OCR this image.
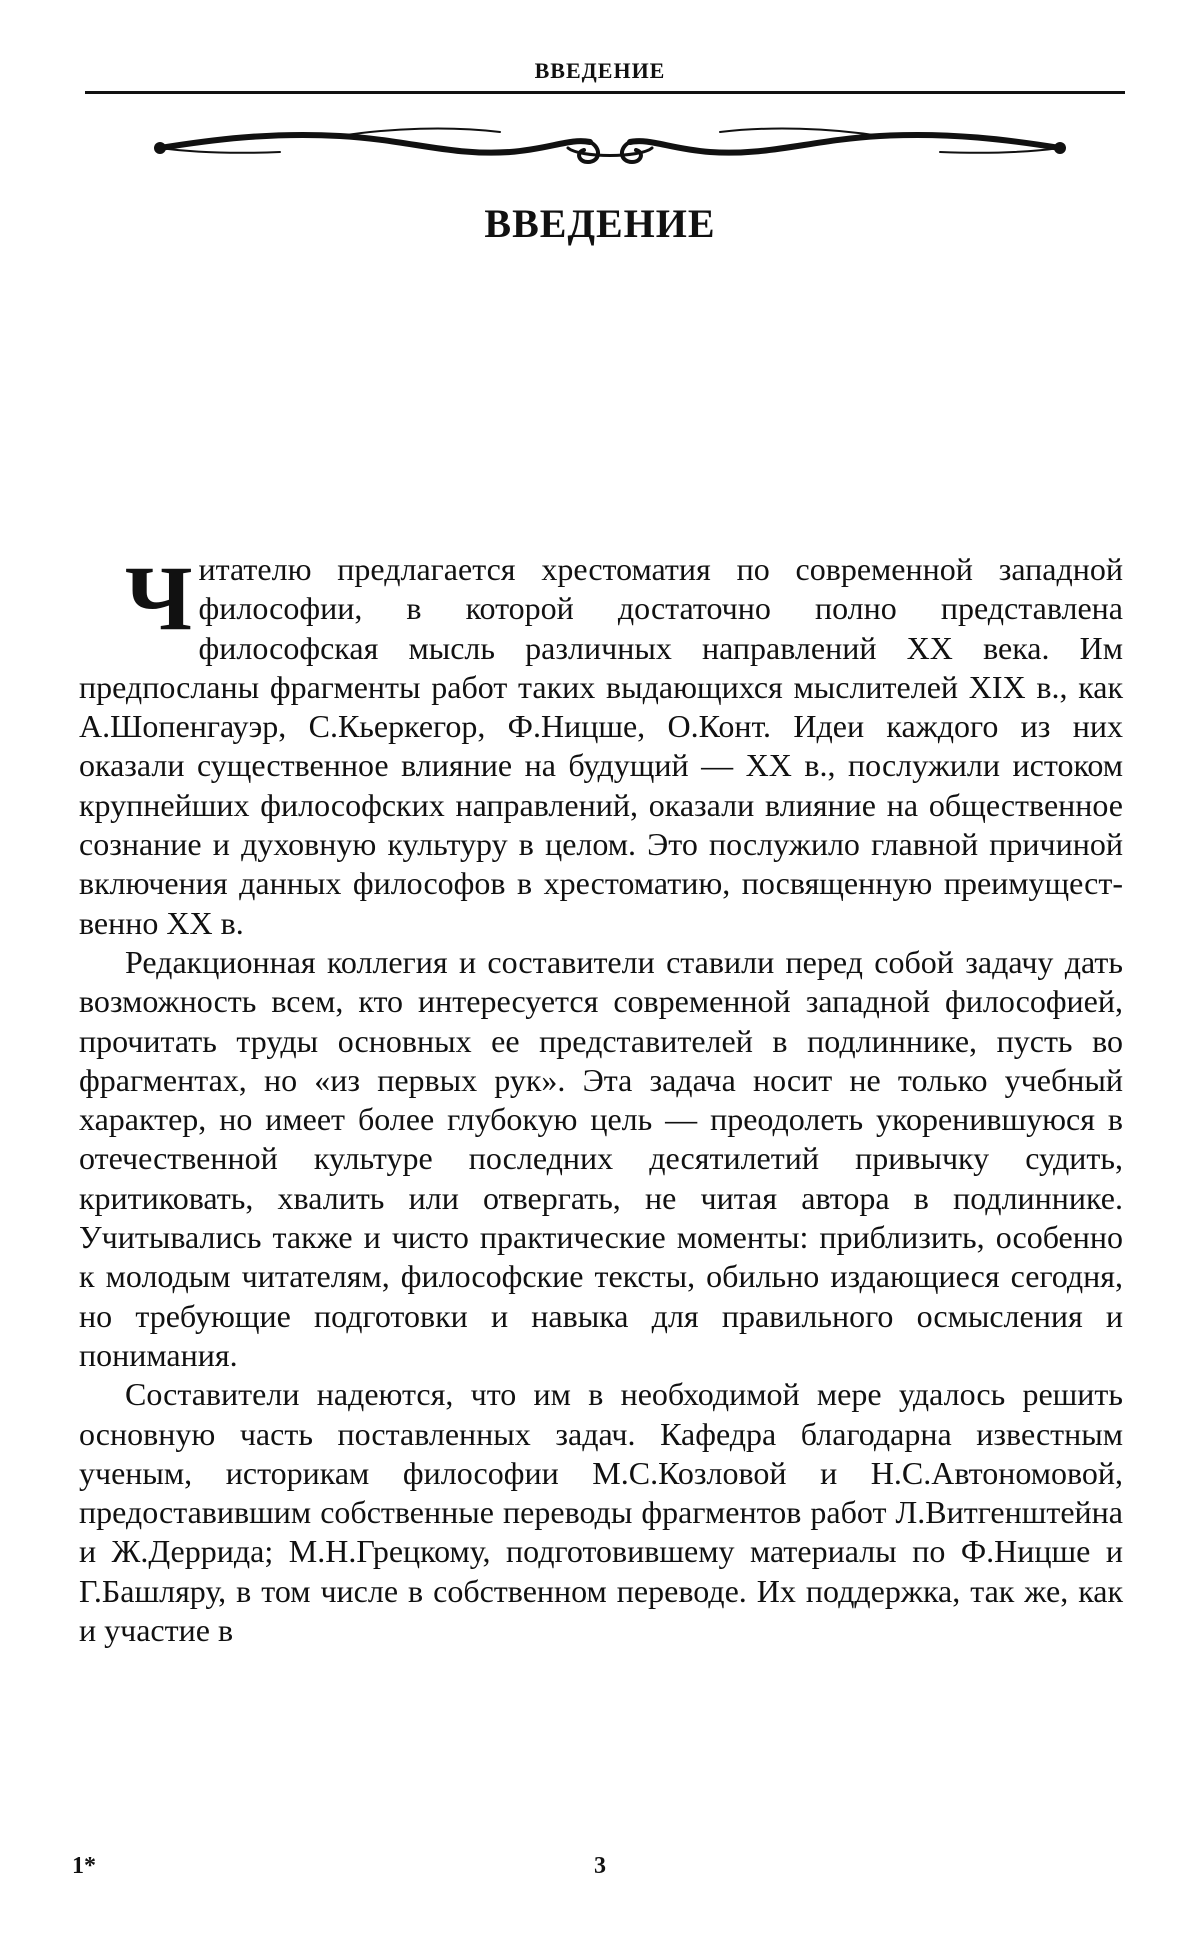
ВВЕДЕНИЕ
ВВЕДЕНИЕ

Читателю предлагается хрестоматия по современной западной философии, в которой достаточно полно представлена философская мысль различных направлений XX века. Им предпосланы фрагменты работ таких выдающихся мыслителей XIX в., как А.Шопенгауэр, С.Кьеркегор, Ф.Ницше, О.Конт. Идеи каждого из них оказали существенное влияние на будущий — XX в., послужили истоком крупнейших философских направлений, оказали влияние на общественное сознание и духовную культуру в целом. Это послужило главной причиной включения данных философов в хрестоматию, посвященную преимущественно XX в.

Редакционная коллегия и составители ставили перед собой задачу дать возможность всем, кто интересуется современной западной философией, прочитать труды основных ее представителей в подлиннике, пусть во фрагментах, но «из первых рук». Эта задача носит не только учебный характер, но имеет более глубокую цель — преодолеть укоренившуюся в отечественной культуре последних десятилетий привычку судить, критиковать, хвалить или отвергать, не читая автора в подлиннике. Учитывались также и чисто практические моменты: приблизить, особенно к молодым читателям, философские тексты, обильно издающиеся сегодня, но требующие подготовки и навыка для правильного осмысления и понимания.

Составители надеются, что им в необходимой мере удалось решить основную часть поставленных задач. Кафедра благодарна известным ученым, историкам философии М.С.Козловой и Н.С.Автономовой, предоставившим собственные переводы фрагментов работ Л.Витгенштейна и Ж.Деррида; М.Н.Грецкому, подготовившему материалы по Ф.Ницше и Г.Башляру, в том числе в собственном переводе. Их поддержка, так же, как и участие в

1*	3
